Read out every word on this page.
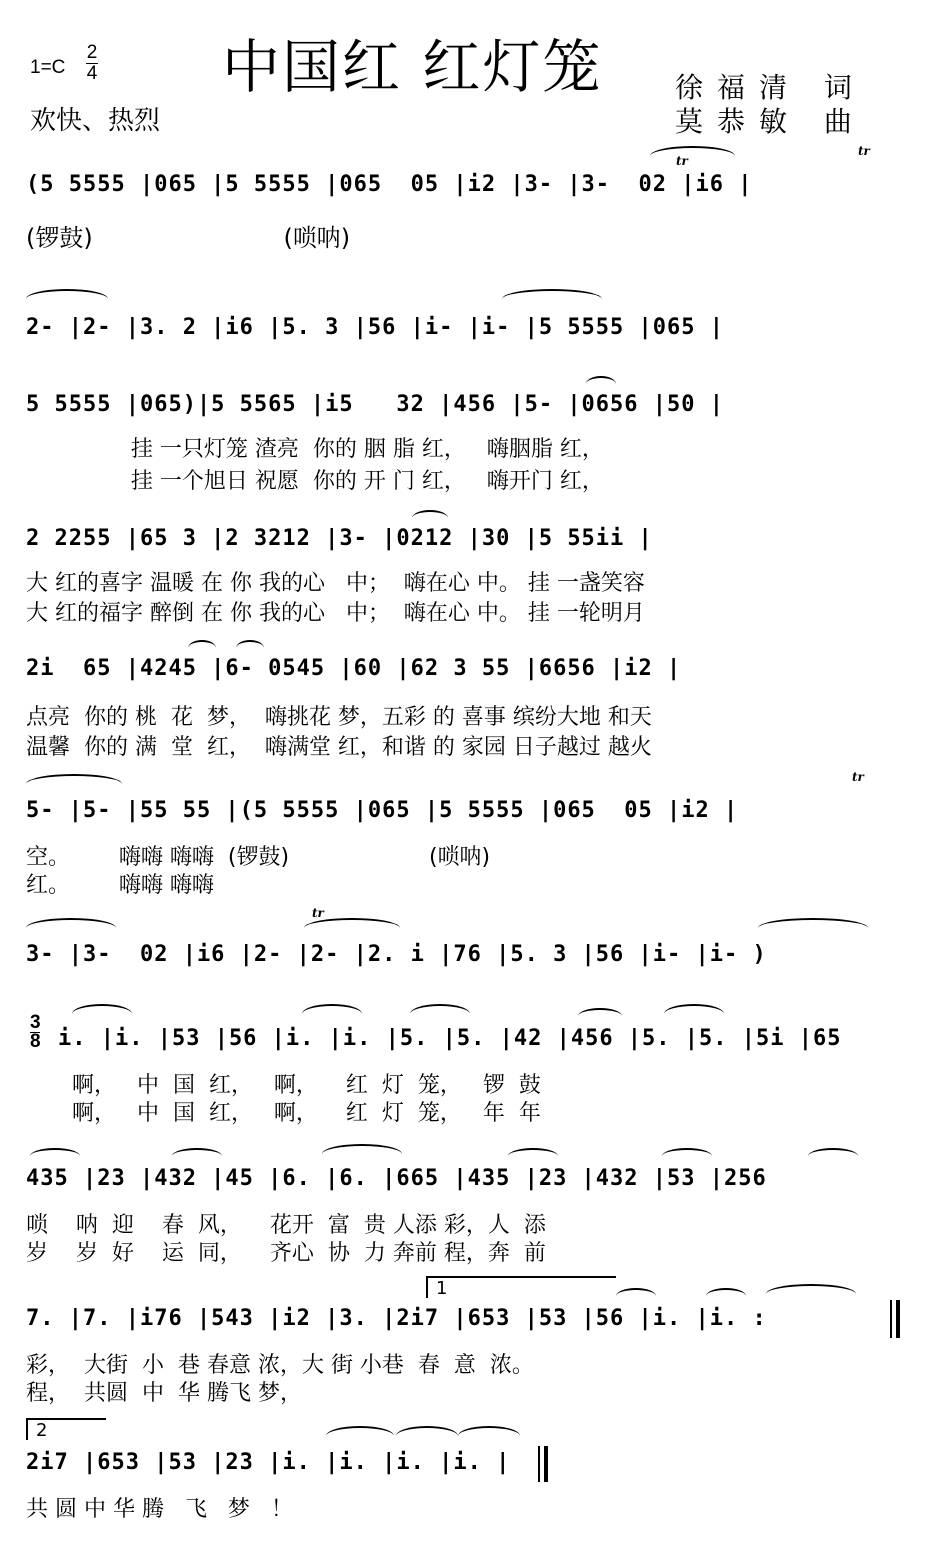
中国红 红灯笼
1=C
2
4
欢快、热烈
徐福清 词
莫恭敏 曲
(5 5555 |065 |5 5555 |065  05 |i2 |3- |3-  02 |i6 |
(锣鼓)                         (唢呐)
tr
tr
2- |2- |3. 2 |i6 |5. 3 |56 |i- |i- |5 5555 |065 |
5 5555 |065)|5 5565 |i5   32 |456 |5- |0656 |50 |
挂 一只灯笼 渣亮  你的 胭 脂 红，   嗨胭脂 红，
挂 一个旭日 祝愿  你的 开 门 红，   嗨开门 红，
2 2255 |65 3 |2 3212 |3- |0212 |30 |5 55ii |
大 红的喜字 温暖 在 你 我的心   中；  嗨在心 中。 挂 一盏笑容
大 红的福字 醉倒 在 你 我的心   中；  嗨在心 中。 挂 一轮明月
2i  65 |4245 |6- 0545 |60 |62 3 55 |6656 |i2 |
点亮  你的 桃  花  梦，  嗨挑花 梦，五彩 的 喜事 缤纷大地 和天
温馨  你的 满  堂  红，  嗨满堂 红，和谐 的 家园 日子越过 越火
5- |5- |55 55 |(5 5555 |065 |5 5555 |065  05 |i2 |
空。       嗨嗨 嗨嗨  (锣鼓)                    (唢呐)
红。       嗨嗨 嗨嗨
tr
3- |3-  02 |i6 |2- |2- |2. i |76 |5. 3 |56 |i- |i- )
tr
3
8 i. |i. |53 |56 |i. |i. |5. |5. |42 |456 |5. |5. |5i |65
啊，   中  国  红，   啊，    红  灯  笼，   锣  鼓
啊，   中  国  红，   啊，    红  灯  笼，   年  年
435 |23 |432 |45 |6. |6. |665 |435 |23 |432 |53 |256
唢    呐  迎    春  风，    花开  富  贵 人添 彩，人  添
岁    岁  好    运  同，    齐心  协  力 奔前 程，奔  前
7. |7. |i76 |543 |i2 |3. |2i7 |653 |53 |56 |i. |i. :
彩，  大街  小  巷 春意 浓，大 街 小巷  春  意  浓。
程，  共圆  中  华 腾飞 梦，
1
2i7 |653 |53 |23 |i. |i. |i. |i. |
共 圆 中 华 腾   飞   梦   ！
2
